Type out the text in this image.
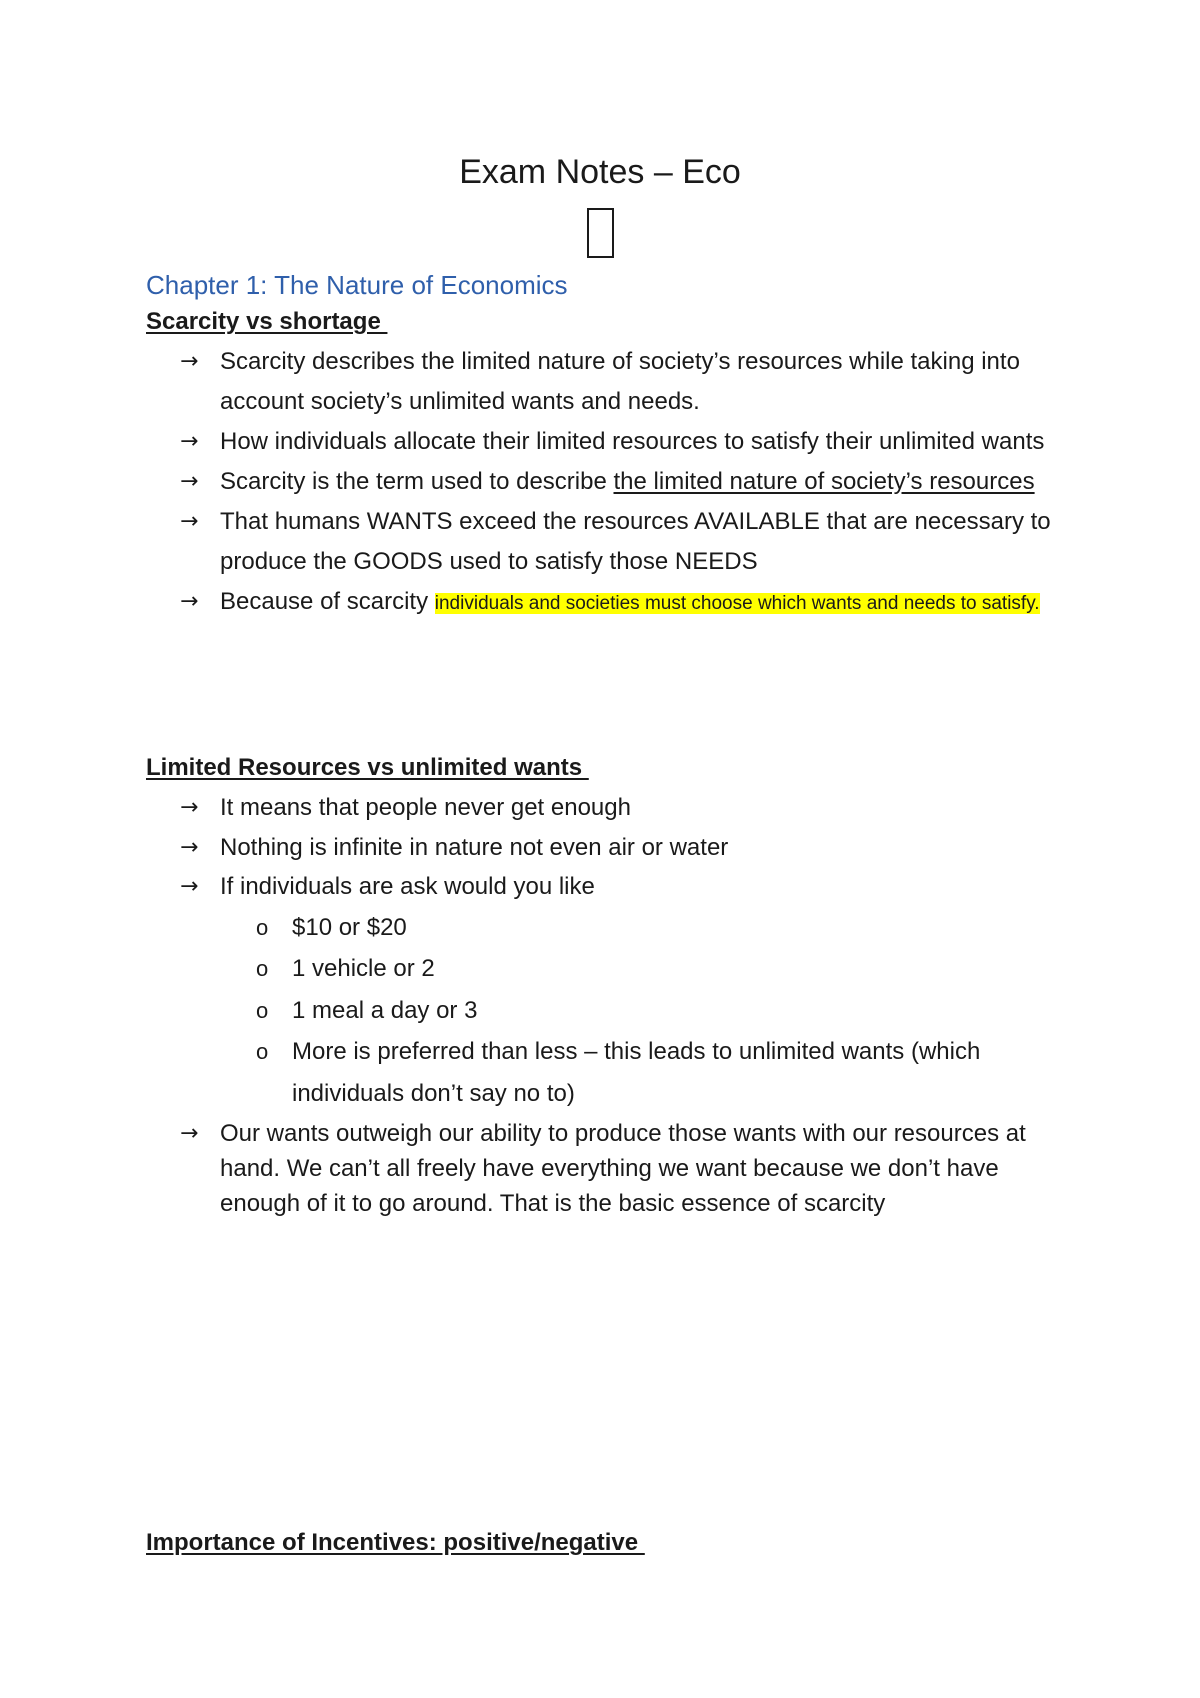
Exam Notes – Eco
Chapter 1: The Nature of Economics
Scarcity vs shortage
→ Scarcity describes the limited nature of society’s resources while taking into account society’s unlimited wants and needs.
→ How individuals allocate their limited resources to satisfy their unlimited wants
→ Scarcity is the term used to describe the limited nature of society’s resources
→ That humans WANTS exceed the resources AVAILABLE that are necessary to produce the GOODS used to satisfy those NEEDS
→ Because of scarcity individuals and societies must choose which wants and needs to satisfy.
Limited Resources vs unlimited wants
→ It means that people never get enough
→ Nothing is infinite in nature not even air or water
→ If individuals are ask would you like
o $10 or $20
o 1 vehicle or 2
o 1 meal a day or 3
o More is preferred than less – this leads to unlimited wants (which individuals don’t say no to)
→ Our wants outweigh our ability to produce those wants with our resources at hand. We can’t all freely have everything we want because we don’t have enough of it to go around. That is the basic essence of scarcity
Importance of Incentives: positive/negative
